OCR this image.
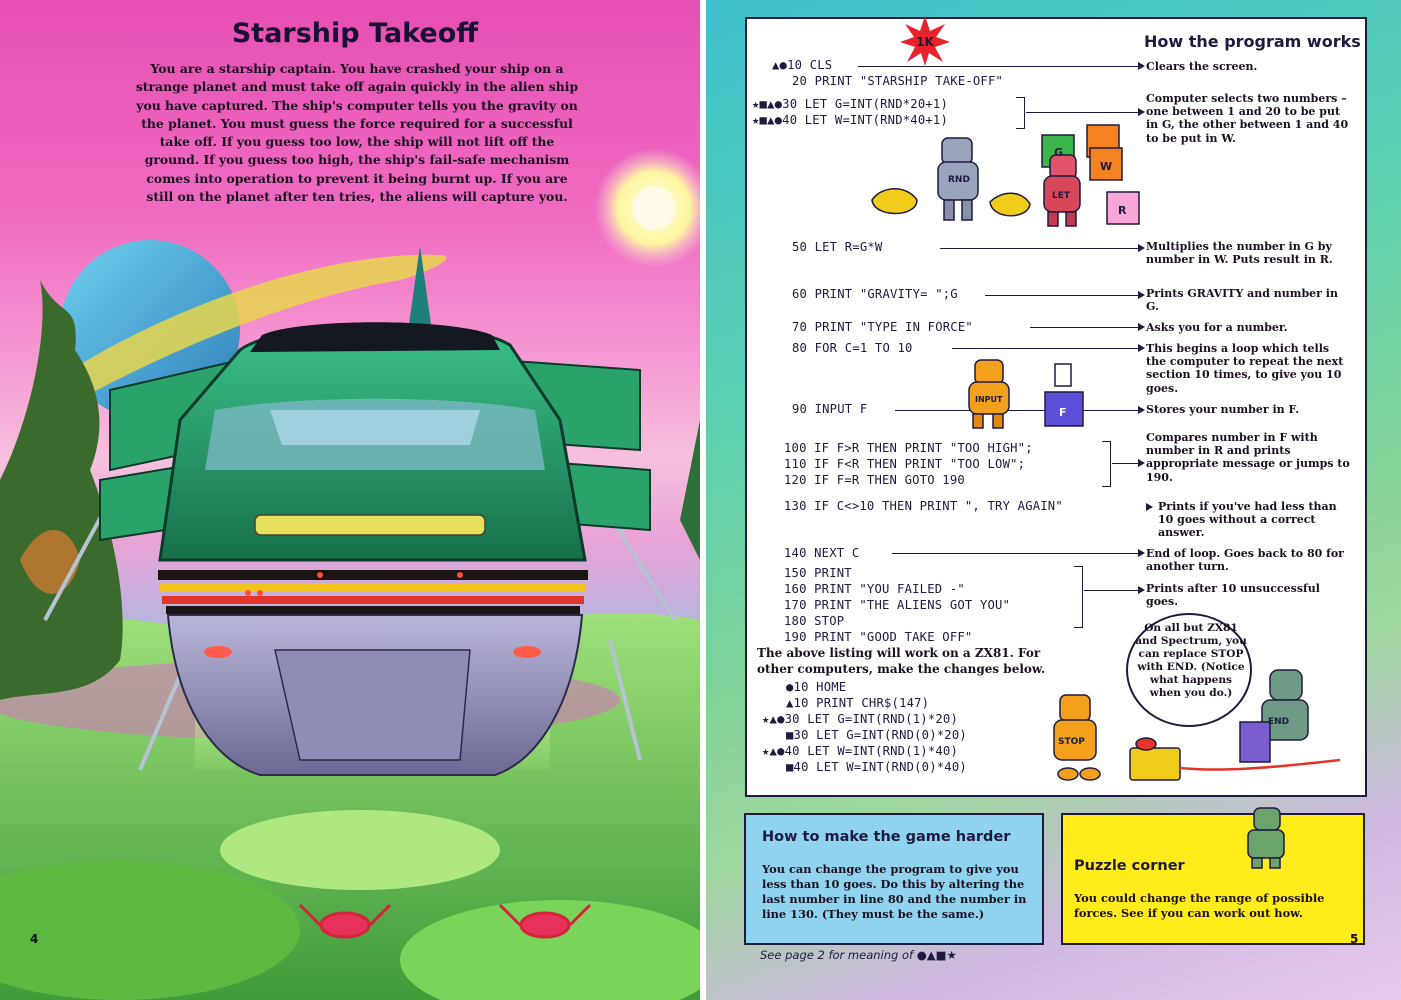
Starship Takeoff
You are a starship captain. You have crashed your ship on a strange planet and must take off again quickly in the alien ship you have captured. The ship's computer tells you the gravity on the planet. You must guess the force required for a successful take off. If you guess too low, the ship will not lift off the ground. If you guess too high, the ship's fail-safe mechanism comes into operation to prevent it being burnt up. If you are still on the planet after ten tries, the aliens will capture you.
4
1K	How the program works
▲●10 CLS
20 PRINT "STARSHIP TAKE-OFF"
★■▲●30 LET G=INT(RND*20+1)
★■▲●40 LET W=INT(RND*40+1)
50 LET R=G*W
60 PRINT "GRAVITY= ";G
70 PRINT "TYPE IN FORCE"
80 FOR C=1 TO 10
90 INPUT F
100 IF F>R THEN PRINT "TOO HIGH";
110 IF F<R THEN PRINT "TOO LOW";
120 IF F=R THEN GOTO 190
130 IF C<>10 THEN PRINT ", TRY AGAIN"
140 NEXT C
150 PRINT
160 PRINT "YOU FAILED -"
170 PRINT "THE ALIENS GOT YOU"
180 STOP
190 PRINT "GOOD TAKE OFF"
Clears the screen.
Computer selects two numbers – one between 1 and 20 to be put in G, the other between 1 and 40 to be put in W.
Multiplies the number in G by number in W. Puts result in R.
Prints GRAVITY and number in G.
Asks you for a number.
This begins a loop which tells the computer to repeat the next section 10 times, to give you 10 goes.
Stores your number in F.
Compares number in F with number in R and prints appropriate message or jumps to 190.
Prints if you've had less than 10 goes without a correct answer.
End of loop. Goes back to 80 for another turn.
Prints after 10 unsuccessful goes.
RND
LET
G
W
R
INPUT
F
The above listing will work on a ZX81. For other computers, make the changes below.
●10 HOME
▲10 PRINT CHR$(147)
★▲●30 LET G=INT(RND(1)*20)
■30 LET G=INT(RND(0)*20)
★▲●40 LET W=INT(RND(1)*40)
■40 LET W=INT(RND(0)*40)
On all but ZX81 and Spectrum, you can replace STOP with END. (Notice what happens when you do.)
STOP
END
How to make the game harder
You can change the program to give you less than 10 goes. Do this by altering the last number in line 80 and the number in line 130. (They must be the same.)
Puzzle corner
You could change the range of possible forces. See if you can work out how.
See page 2 for meaning of ●▲■★
5
